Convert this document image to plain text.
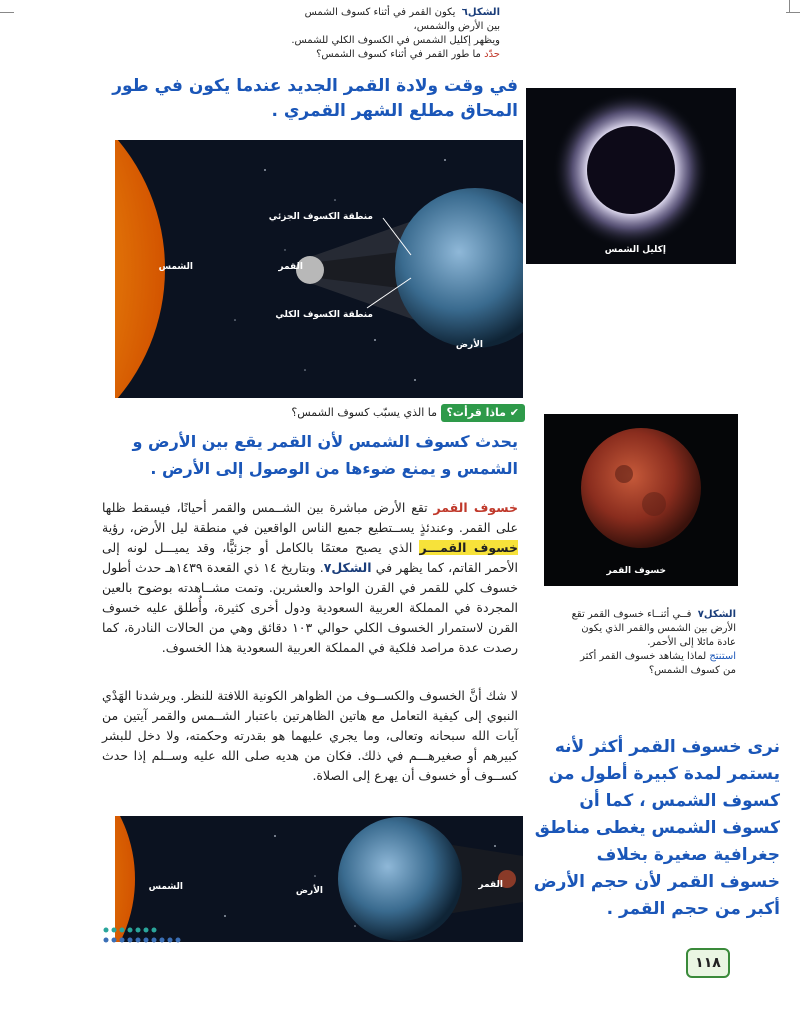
الشكل٦  يكون القمر في أثناء كسوف الشمس بين الأرض والشمس،
ويظهر إكليل الشمس في الكسوف الكلي للشمس.
حدّد ما طور القمر في أثناء كسوف الشمس؟
في وقت ولادة القمر الجديد عندما يكون في طور المحاق مطلع الشهر القمري .
إكليل الشمس
منطقة الكسوف الجزئي
منطقة الكسوف الكلي
الشمس	القمر
الأرض
✔ ماذا قرأت؟ ما الذي يسبّب كسوف الشمس؟
يحدث كسوف الشمس لأن القمر يقع بين الأرض و الشمس و يمنع ضوءها من الوصول إلى الأرض .
خسوف القمر
خسوف القمر تقع الأرض مباشرة بين الشــمس والقمر أحيانًا، فيسقط ظلها على القمر. وعندئذٍ يســتطيع جميع الناس الواقعين في منطقة ليل الأرض، رؤية خسوف القمـــر الذي يصبح معتمًا بالكامل أو جزئيًّا، وقد يميـــل لونه إلى الأحمر القاتم، كما يظهر في الشكل٧. وبتاريخ ١٤ ذي القعدة ١٤٣٩هـ حدث أطول خسوف كلي للقمر في القرن الواحد والعشرين. وتمت مشــاهدته بوضوح بالعين المجردة في المملكة العربية السعودية ودول أخرى كثيرة، وأُطلق عليه خسوف القرن لاستمرار الخسوف الكلي حوالي ١٠٣ دقائق وهي من الحالات النادرة، كما رصدت عدة مراصد فلكية في المملكة العربية السعودية هذا الخسوف.
لا شك أنَّ الخسوف والكســوف من الظواهر الكونية اللافتة للنظر. ويرشدنا الهَدْي النبوي إلى كيفية التعامل مع هاتين الظاهرتين باعتبار الشــمس والقمر آيتين من آيات الله سبحانه وتعالى، وما يجري عليهما هو بقدرته وحكمته، ولا دخل للبشر كبيرهم أو صغيرهـــم في ذلك. فكان من هديه صلى الله عليه وســلم إذا حدث كســوف أو خسوف أن يهرع إلى الصلاة.
الشكل٧  فــي أثنــاء خسوف القمر تقع الأرض بين الشمس والقمر الذي يكون عادة مائلا إلى الأحمر.
استنتج لماذا يشاهد خسوف القمر أكثر من كسوف الشمس؟
نرى خسوف القمر أكثر لأنه يستمر لمدة كبيرة أطول من كسوف الشمس ، كما أن كسوف الشمس يغطى مناطق جغرافية صغيرة بخلاف خسوف القمر لأن حجم الأرض أكبر من حجم القمر .
الشمس	الأرض
القمر
١١٨
